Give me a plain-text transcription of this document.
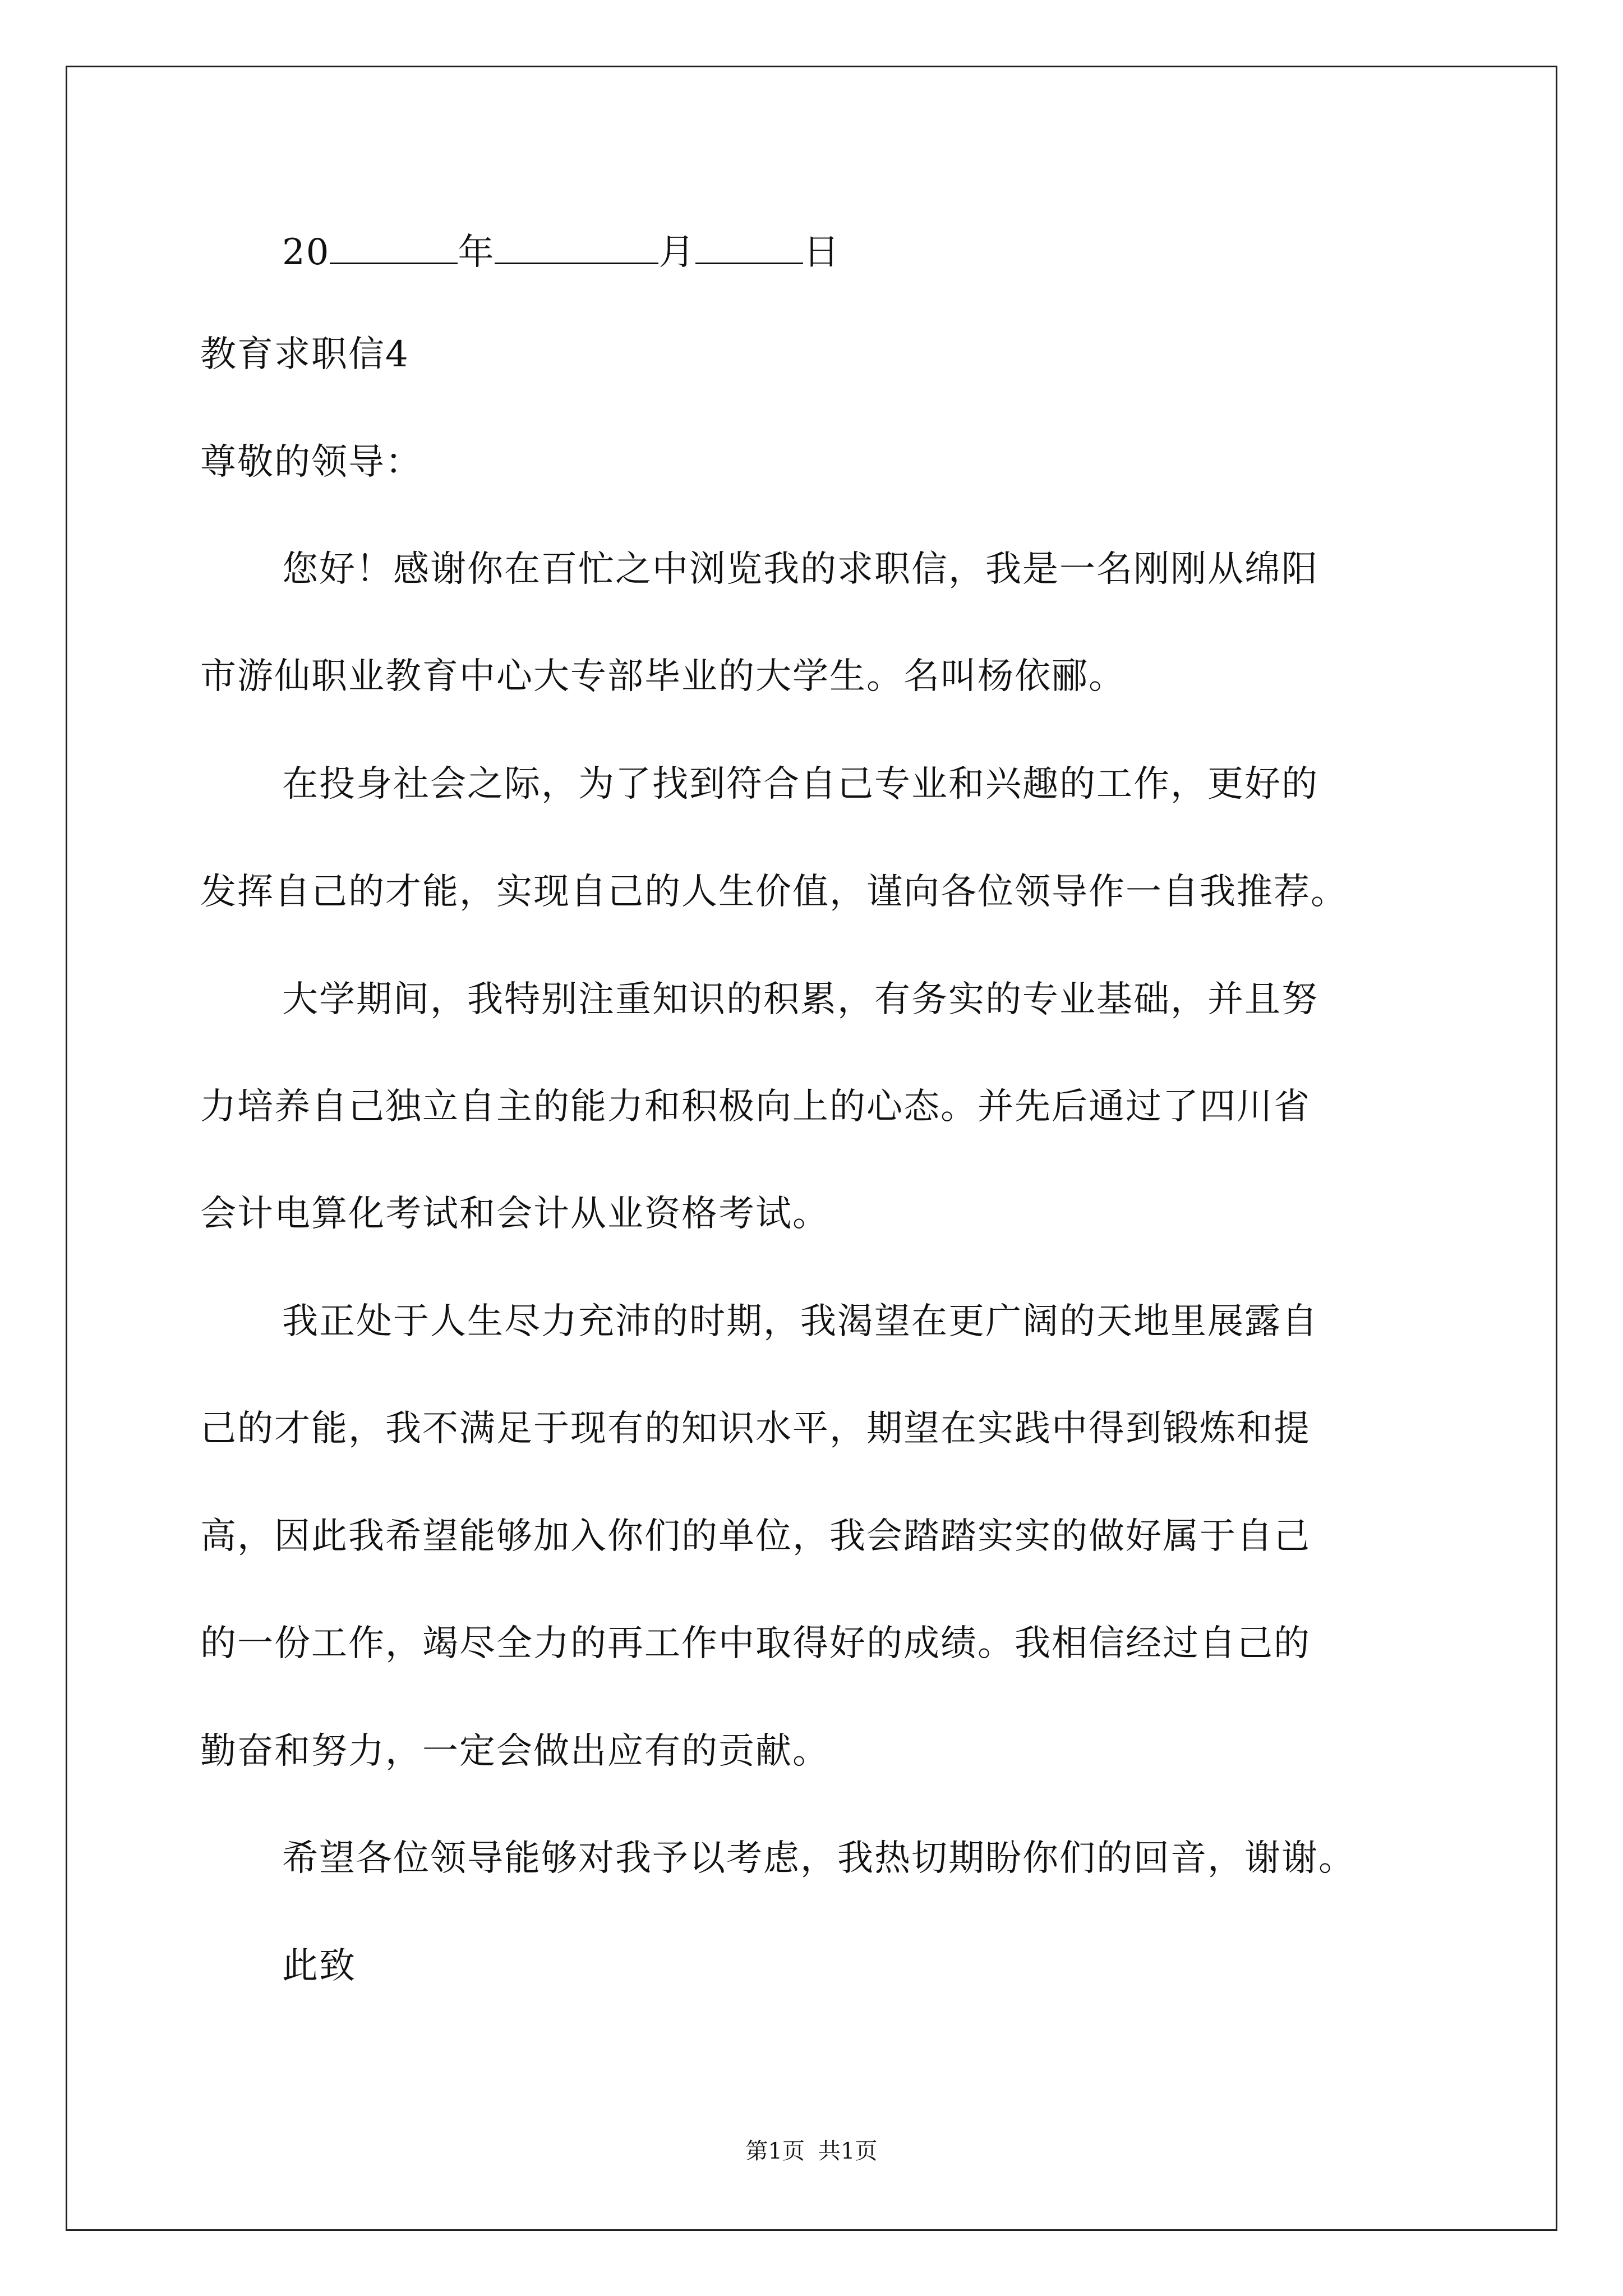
20	年	月	日
教育求职信4
尊敬的领导：
您好！感谢你在百忙之中浏览我的求职信，我是一名刚刚从绵阳
市游仙职业教育中心大专部毕业的大学生。名叫杨依郦。
在投身社会之际，为了找到符合自己专业和兴趣的工作，更好的
发挥自己的才能，实现自己的人生价值，谨向各位领导作一自我推荐。
大学期间，我特别注重知识的积累，有务实的专业基础，并且努
力培养自己独立自主的能力和积极向上的心态。并先后通过了四川省
会计电算化考试和会计从业资格考试。
我正处于人生尽力充沛的时期，我渴望在更广阔的天地里展露自
己的才能，我不满足于现有的知识水平，期望在实践中得到锻炼和提
高，因此我希望能够加入你们的单位，我会踏踏实实的做好属于自己
的一份工作，竭尽全力的再工作中取得好的成绩。我相信经过自己的
勤奋和努力，一定会做出应有的贡献。
希望各位领导能够对我予以考虑，我热切期盼你们的回音，谢谢。
此致
第1页 共1页
